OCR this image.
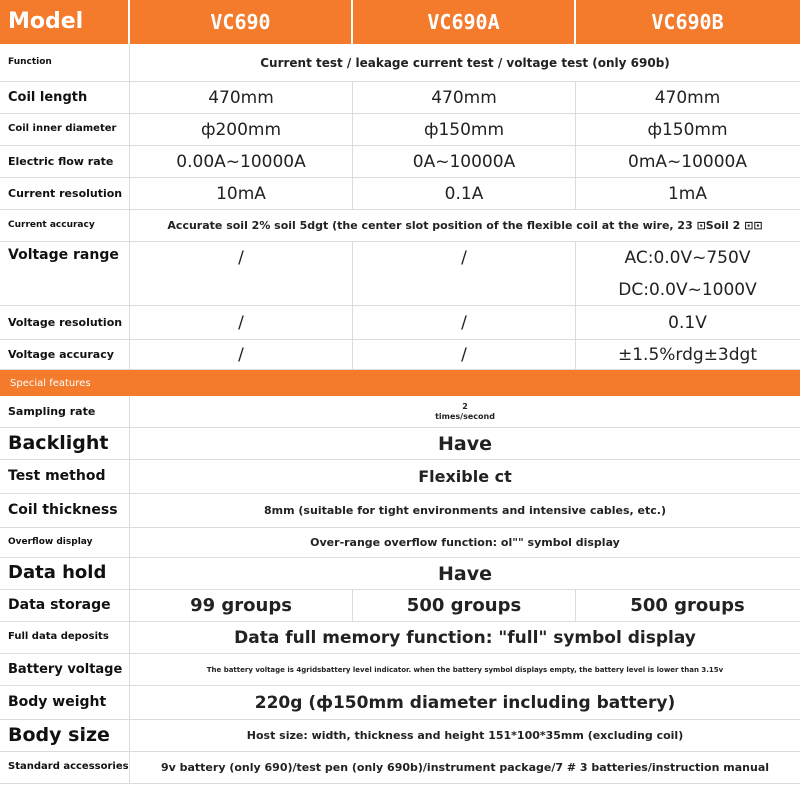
Model	VC690	VC690A	VC690B
Function	Current test / leakage current test / voltage test (only 690b)
Coil length	470mm	470mm	470mm
Coil inner diameter	ф200mm	ф150mm	ф150mm
Electric flow rate	0.00A~10000A	0A~10000A	0mA~10000A
Current resolution	10mA	0.1A	1mA
Current accuracy	Accurate soil 2% soil 5dgt (the center slot position of the flexible coil at the wire, 23 ⊡Soil 2 ⊡⊡
Voltage range	/	/	AC:0.0V~750V
DC:0.0V~1000V
Voltage resolution	/	/	0.1V
Voltage accuracy	/	/	±1.5%rdg±3dgt
Special features
Sampling rate	2
times/second
Backlight	Have
Test method	Flexible ct
Coil thickness	8mm (suitable for tight environments and intensive cables, etc.)
Overflow display	Over-range overflow function: ol"" symbol display
Data hold	Have
Data storage	99 groups	500 groups	500 groups
Full data deposits	Data full memory function: "full" symbol display
Battery voltage	The battery voltage is 4gridsbattery level indicator. when the battery symbol displays empty, the battery level is lower than 3.15v
Body weight	220g (ф150mm diameter including battery)
Body size	Host size: width, thickness and height 151*100*35mm (excluding coil)
Standard accessories	9v battery (only 690)/test pen (only 690b)/instrument package/7 # 3 batteries/instruction manual
